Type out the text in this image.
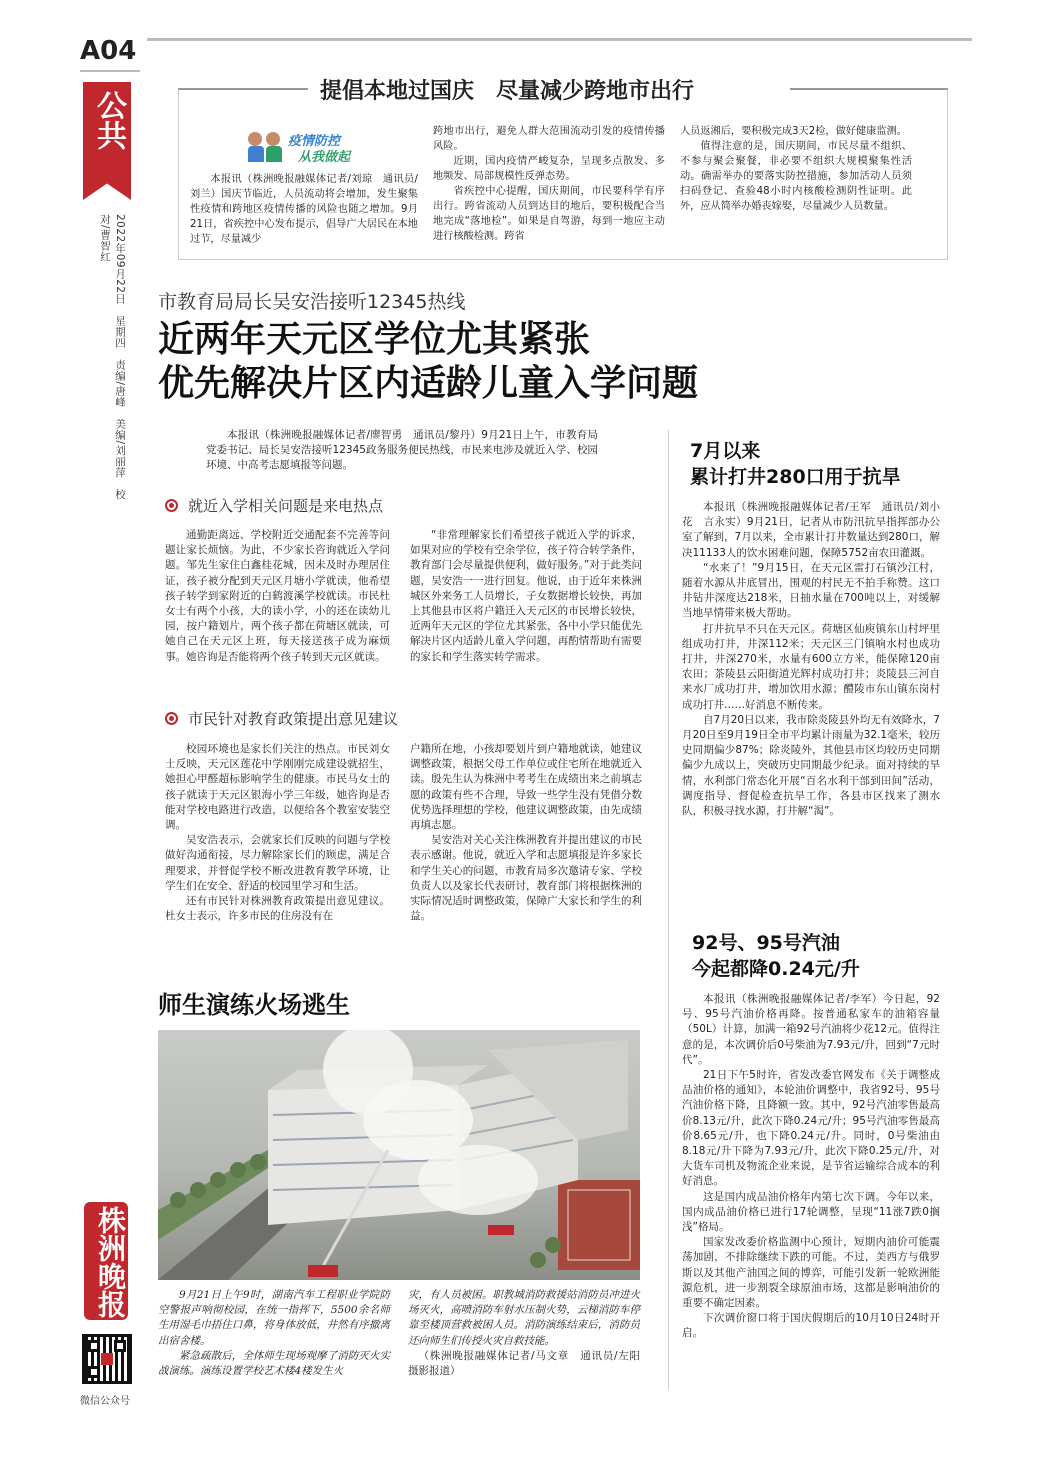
A04
公共
2022年09月22日　星期四　责编/唐峰　美编/刘丽萍　校对/曹智红
株洲晚报
微信公众号
提倡本地过国庆　尽量减少跨地市出行
疫情防控
从我做起

本报讯（株洲晚报融媒体记者/刘琼　通讯员/刘兰）国庆节临近，人员流动将会增加，发生聚集性疫情和跨地区疫情传播的风险也随之增加。9月21日，省疾控中心发布提示，倡导广大居民在本地过节，尽量减少

跨地市出行，避免人群大范围流动引发的疫情传播风险。

近期，国内疫情严峻复杂，呈现多点散发、多地频发、局部规模性反弹态势。

省疾控中心提醒，国庆期间，市民要科学有序出行。跨省流动人员到达目的地后，要积极配合当地完成“落地检”。如果是自驾游，每到一地应主动进行核酸检测。跨省

人员返湘后，要积极完成3天2检，做好健康监测。

值得注意的是，国庆期间，市民尽量不组织、不参与聚会聚餐，非必要不组织大规模聚集性活动。确需举办的要落实防控措施，参加活动人员须扫码登记、查验48小时内核酸检测阴性证明。此外，应从简举办婚丧嫁娶，尽量减少人员数量。

市教育局局长吴安浩接听12345热线
近两年天元区学位尤其紧张
优先解决片区内适龄儿童入学问题

本报讯（株洲晚报融媒体记者/廖智勇　通讯员/黎丹）9月21日上午，市教育局党委书记、局长吴安浩接听12345政务服务便民热线，市民来电涉及就近入学、校园环境、中高考志愿填报等问题。

就近入学相关问题是来电热点

通勤距离远、学校附近交通配套不完善等问题让家长烦恼。为此，不少家长咨询就近入学问题。邹先生家住白鑫桂花城，因未及时办理居住证，孩子被分配到天元区月塘小学就读，他希望孩子转学到家附近的白鹤渡溪学校就读。市民杜女士有两个小孩，大的读小学，小的还在读幼儿园，按户籍划片，两个孩子都在荷塘区就读，可她自己在天元区上班，每天接送孩子成为麻烦事。她咨询是否能将两个孩子转到天元区就读。

“非常理解家长们希望孩子就近入学的诉求，如果对应的学校有空余学位，孩子符合转学条件，教育部门会尽量提供便利，做好服务。”对于此类问题，吴安浩一一进行回复。他说，由于近年来株洲城区外来务工人员增长，子女数据增长较快，再加上其他县市区将户籍迁入天元区的市民增长较快，近两年天元区的学位尤其紧张，各中小学只能优先解决片区内适龄儿童入学问题，再酌情帮助有需要的家长和学生落实转学需求。

市民针对教育政策提出意见建议

校园环境也是家长们关注的热点。市民刘女士反映，天元区莲花中学刚刚完成建设就招生，她担心甲醛超标影响学生的健康。市民马女士的孩子就读于天元区银海小学三年级，她咨询是否能对学校电路进行改造，以便给各个教室安装空调。

吴安浩表示，会就家长们反映的问题与学校做好沟通衔接，尽力解除家长们的顾虑，满足合理要求，并督促学校不断改进教育教学环境，让学生们在安全、舒适的校园里学习和生活。

还有市民针对株洲教育政策提出意见建议。杜女士表示，许多市民的住房没有在

户籍所在地，小孩却要划片到户籍地就读，她建议调整政策，根据父母工作单位或住宅所在地就近入读。殷先生认为株洲中考考生在成绩出来之前填志愿的政策有些不合理，导致一些学生没有凭借分数优势选择理想的学校，他建议调整政策，由先成绩再填志愿。

吴安浩对关心关注株洲教育并提出建议的市民表示感谢。他说，就近入学和志愿填报是许多家长和学生关心的问题，市教育局多次邀请专家、学校负责人以及家长代表研讨，教育部门将根据株洲的实际情况适时调整政策，保障广大家长和学生的利益。

师生演练火场逃生

9月21日上午9时，湖南汽车工程职业学院防空警报声响彻校园，在统一指挥下，5500余名师生用湿毛巾捂住口鼻，将身体放低，井然有序撤离出宿舍楼。

紧急疏散后，全体师生现场观摩了消防灭火实战演练。演练设置学校艺术楼4楼发生火

灾，有人员被困。职教城消防救援站消防员冲进火场灭火，高喷消防车射水压制火势，云梯消防车停靠至楼顶营救被困人员。消防演练结束后，消防员还向师生们传授火灾自救技能。

（株洲晚报融媒体记者/马文章　通讯员/左阳　摄影报道）

7月以来
累计打井280口用于抗旱

本报讯（株洲晚报融媒体记者/王军　通讯员/刘小花　言永实）9月21日，记者从市防汛抗旱指挥部办公室了解到，7月以来，全市累计打井数量达到280口，解决11133人的饮水困难问题，保障5752亩农田灌溉。

“水来了！”9月15日，在天元区雷打石镇沙江村，随着水源从井底冒出，围观的村民无不拍手称赞。这口井钻井深度达218米，日抽水量在700吨以上，对缓解当地旱情带来极大帮助。

打井抗旱不只在天元区。荷塘区仙庾镇东山村坪里组成功打井，井深112米；天元区三门镇响水村也成功打井，井深270米，水量有600立方米，能保障120亩农田；茶陵县云阳街道光辉村成功打井；炎陵县三河自来水厂成功打井，增加饮用水源；醴陵市东山镇东岗村成功打井……好消息不断传来。

自7月20日以来，我市除炎陵县外均无有效降水，7月20日至9月19日全市平均累计雨量为32.1毫米，较历史同期偏少87%；除炎陵外，其他县市区均较历史同期偏少九成以上，突破历史同期最少纪录。面对持续的旱情，水利部门常态化开展“百名水利干部到田间”活动，调度指导、督促检查抗旱工作，各县市区找来了测水队，积极寻找水源，打井解“渴”。

92号、95号汽油
今起都降0.24元/升

本报讯（株洲晚报融媒体记者/李军）今日起，92号、95号汽油价格再降。按普通私家车的油箱容量（50L）计算，加满一箱92号汽油将少花12元。值得注意的是，本次调价后0号柴油为7.93元/升，回到“7元时代”。

21日下午5时许，省发改委官网发布《关于调整成品油价格的通知》，本轮油价调整中，我省92号、95号汽油价格下降，且降额一致。其中，92号汽油零售最高价8.13元/升，此次下降0.24元/升；95号汽油零售最高价8.65元/升，也下降0.24元/升。同时，0号柴油由8.18元/升下降为7.93元/升，此次下降0.25元/升，对大货车司机及物流企业来说，是节省运输综合成本的利好消息。

这是国内成品油价格年内第七次下调。今年以来，国内成品油价格已进行17轮调整，呈现“11涨7跌0搁浅”格局。

国家发改委价格监测中心预计，短期内油价可能震荡加剧，不排除继续下跌的可能。不过，美西方与俄罗斯以及其他产油国之间的博弈，可能引发新一轮欧洲能源危机，进一步割裂全球原油市场，这都是影响油价的重要不确定因素。

下次调价窗口将于国庆假期后的10月10日24时开启。
